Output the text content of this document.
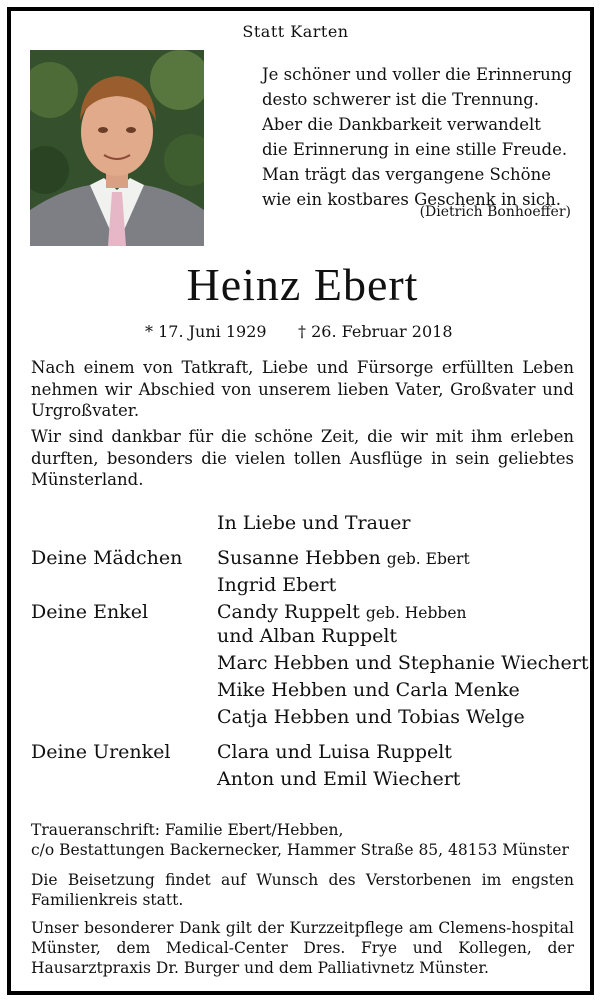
Statt Karten
Je schöner und voller die Erinnerung
desto schwerer ist die Trennung.
Aber die Dankbarkeit verwandelt
die Erinnerung in eine stille Freude.
Man trägt das vergangene Schöne
wie ein kostbares Geschenk in sich.
(Dietrich Bonhoeffer)
Heinz Ebert
* 17. Juni 1929 † 26. Februar 2018
Nach einem von Tatkraft, Liebe und Fürsorge erfüllten Leben nehmen wir Abschied von unserem lieben Vater, Großvater und Urgroßvater.
Wir sind dankbar für die schöne Zeit, die wir mit ihm erleben durften, besonders die vielen tollen Ausflüge in sein geliebtes Münsterland.
In Liebe und Trauer
Deine Mädchen Susanne Hebben geb. Ebert
Ingrid Ebert
Deine Enkel	Candy Ruppelt geb. Hebben
und Alban Ruppelt
Marc Hebben und Stephanie Wiechert
Mike Hebben und Carla Menke
Catja Hebben und Tobias Welge
Deine Urenkel Clara und Luisa Ruppelt
Anton und Emil Wiechert
Traueranschrift: Familie Ebert/Hebben,
c/o Bestattungen Backernecker, Hammer Straße 85, 48153 Münster
Die Beisetzung findet auf Wunsch des Verstorbenen im engsten Familienkreis statt.
Unser besonderer Dank gilt der Kurzzeitpflege am Clemens-hospital Münster, dem Medical-Center Dres. Frye und Kollegen, der Hausarztpraxis Dr. Burger und dem Palliativnetz Münster.
